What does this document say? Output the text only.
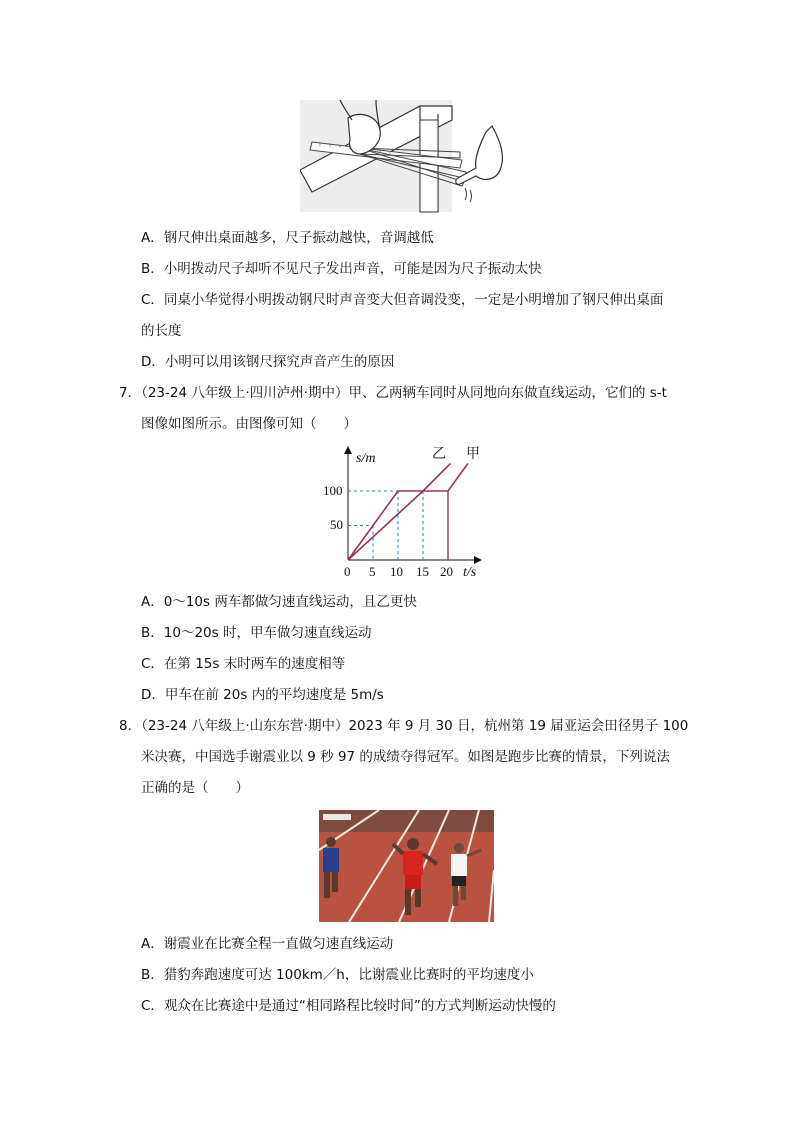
A．钢尺伸出桌面越多，尺子振动越快，音调越低
B．小明拨动尺子却听不见尺子发出声音，可能是因为尺子振动太快
C．同桌小华觉得小明拨动钢尺时声音变大但音调没变，一定是小明增加了钢尺伸出桌面
的长度
D．小明可以用该钢尺探究声音产生的原因
7．（23-24 八年级上·四川泸州·期中）甲、乙两辆车同时从同地向东做直线运动，它们的 s-t
图像如图所示。由图像可知（　　）
s/m
t/s
0 5 10 15 20
50
100
乙 甲
A．0～10s 两车都做匀速直线运动，且乙更快
B．10～20s 时，甲车做匀速直线运动
C．在第 15s 末时两车的速度相等
D．甲车在前 20s 内的平均速度是 5m/s
8．（23-24 八年级上·山东东营·期中）2023 年 9 月 30 日，杭州第 19 届亚运会田径男子 100
米决赛，中国选手谢震业以 9 秒 97 的成绩夺得冠军。如图是跑步比赛的情景，下列说法
正确的是（　　）
A．谢震业在比赛全程一直做匀速直线运动
B．猎豹奔跑速度可达 100km／h，比谢震业比赛时的平均速度小
C．观众在比赛途中是通过“相同路程比较时间”的方式判断运动快慢的
